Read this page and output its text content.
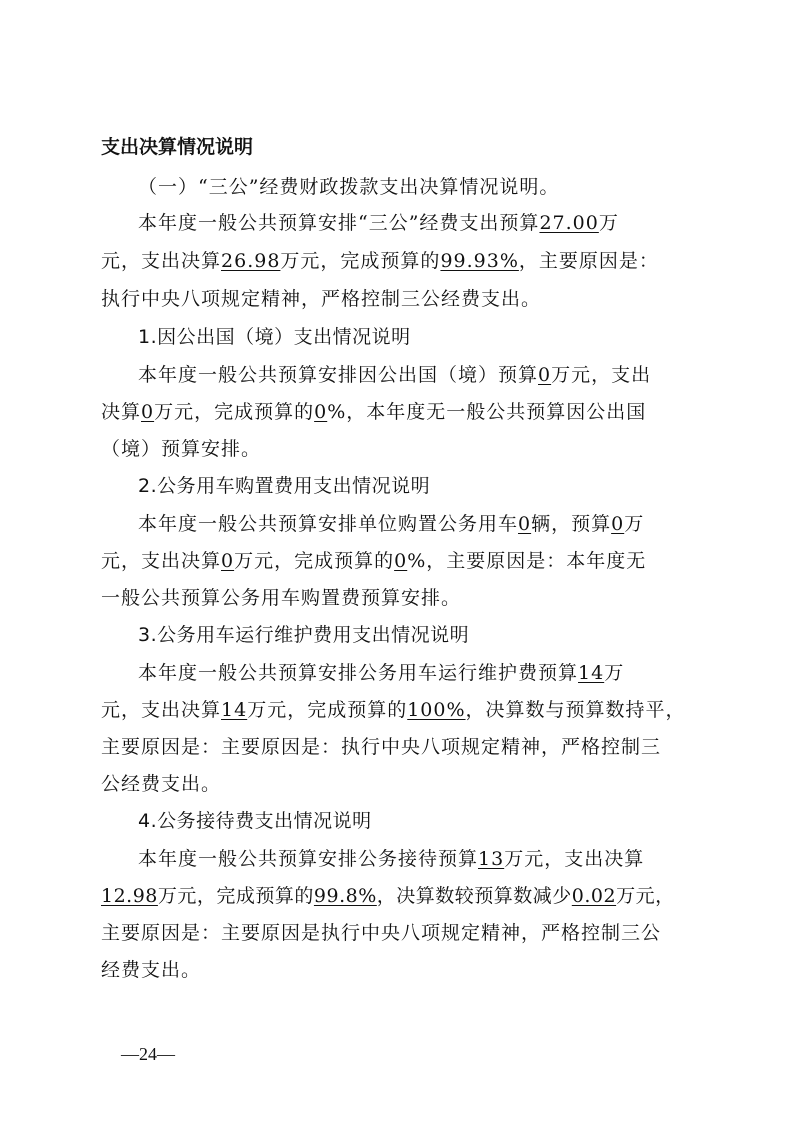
支出决算情况说明
（一）“三公”经费财政拨款支出决算情况说明。
本年度一般公共预算安排“三公”经费支出预算27.00万
元，支出决算26.98万元，完成预算的99.93%，主要原因是：
执行中央八项规定精神，严格控制三公经费支出。
1.因公出国（境）支出情况说明
本年度一般公共预算安排因公出国（境）预算0万元，支出
决算0万元，完成预算的0%，本年度无一般公共预算因公出国
（境）预算安排。
2.公务用车购置费用支出情况说明
本年度一般公共预算安排单位购置公务用车0辆，预算0万
元，支出决算0万元，完成预算的0%，主要原因是：本年度无
一般公共预算公务用车购置费预算安排。
3.公务用车运行维护费用支出情况说明
本年度一般公共预算安排公务用车运行维护费预算14万
元，支出决算14万元，完成预算的100%，决算数与预算数持平，
主要原因是：主要原因是：执行中央八项规定精神，严格控制三
公经费支出。
4.公务接待费支出情况说明
本年度一般公共预算安排公务接待预算13万元，支出决算
12.98万元，完成预算的99.8%，决算数较预算数减少0.02万元，
主要原因是：主要原因是执行中央八项规定精神，严格控制三公
经费支出。
—24—
